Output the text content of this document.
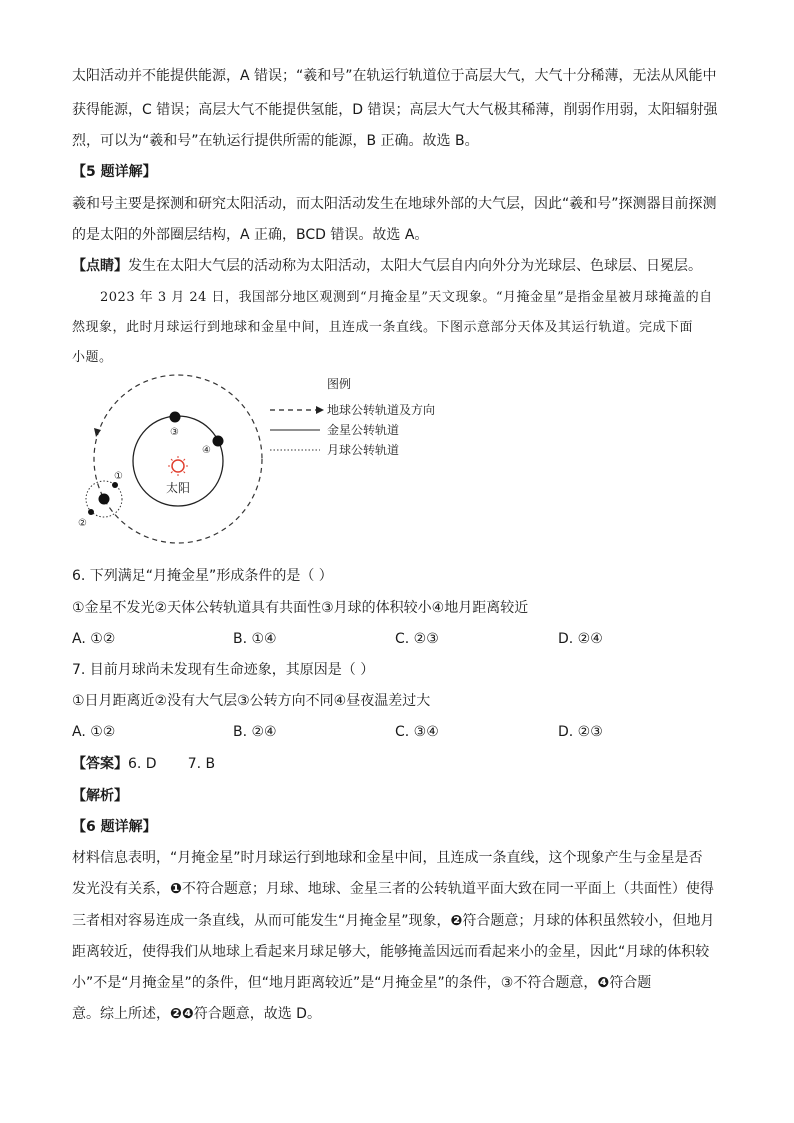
太阳活动并不能提供能源，A 错误；“羲和号”在轨运行轨道位于高层大气，大气十分稀薄，无法从风能中
获得能源，C 错误；高层大气不能提供氢能，D 错误；高层大气大气极其稀薄，削弱作用弱，太阳辐射强
烈，可以为“羲和号”在轨运行提供所需的能源，B 正确。故选 B。
【5 题详解】
羲和号主要是探测和研究太阳活动，而太阳活动发生在地球外部的大气层，因此“羲和号”探测器目前探测
的是太阳的外部圈层结构，A 正确，BCD 错误。故选 A。
【点睛】发生在太阳大气层的活动称为太阳活动，太阳大气层自内向外分为光球层、色球层、日冕层。
2023 年 3 月 24 日，我国部分地区观测到“月掩金星”天文现象。“月掩金星”是指金星被月球掩盖的自
然现象，此时月球运行到地球和金星中间，且连成一条直线。下图示意部分天体及其运行轨道。完成下面
小题。
太阳
③
④
①
②
图例
地球公转轨道及方向
金星公转轨道
月球公转轨道
6. 下列满足“月掩金星”形成条件的是（ ）
①金星不发光②天体公转轨道具有共面性③月球的体积较小④地月距离较近
A. ①②	B. ①④	C. ②③	D. ②④
7. 目前月球尚未发现有生命迹象，其原因是（ ）
①日月距离近②没有大气层③公转方向不同④昼夜温差过大
A. ①②	B. ②④	C. ③④	D. ②③
【答案】6. D       7. B
【解析】
【6 题详解】
材料信息表明，“月掩金星”时月球运行到地球和金星中间，且连成一条直线，这个现象产生与金星是否
发光没有关系，❶不符合题意；月球、地球、金星三者的公转轨道平面大致在同一平面上（共面性）使得
三者相对容易连成一条直线，从而可能发生“月掩金星”现象，❷符合题意；月球的体积虽然较小，但地月
距离较近，使得我们从地球上看起来月球足够大，能够掩盖因远而看起来小的金星，因此“月球的体积较
小”不是“月掩金星”的条件，但“地月距离较近”是“月掩金星”的条件，③不符合题意，❹符合题
意。综上所述，❷❹符合题意，故选 D。
